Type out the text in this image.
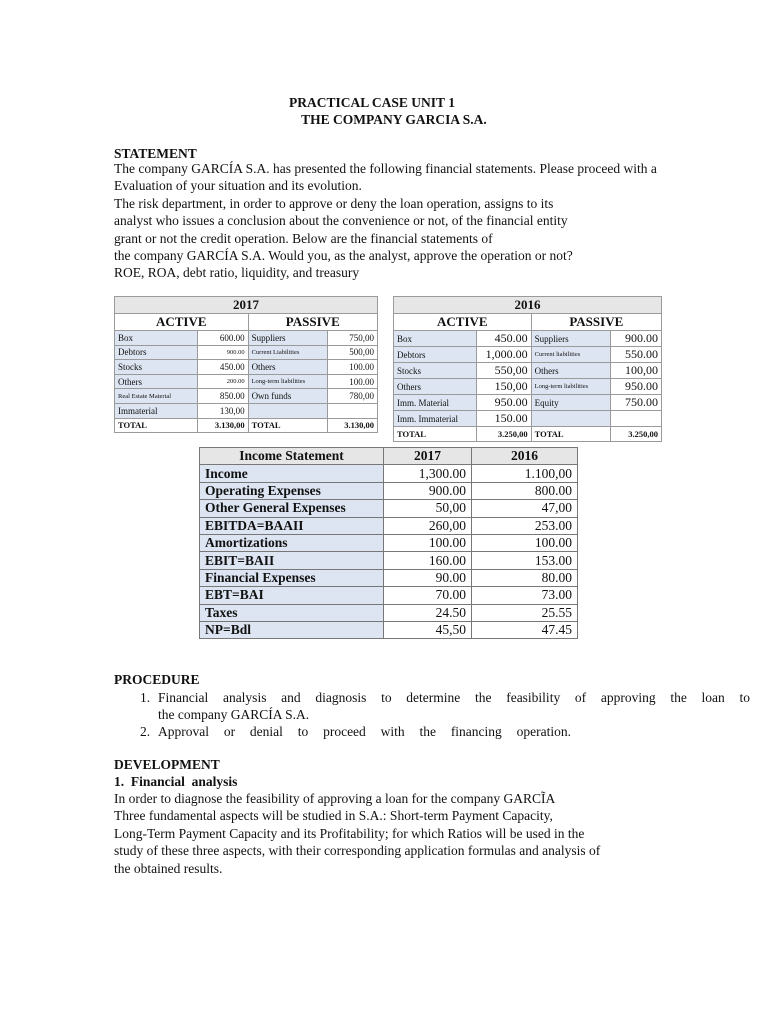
PRACTICAL CASE UNIT 1
THE COMPANY GARCIA S.A.
STATEMENT
The company GARCÍA S.A. has presented the following financial statements. Please proceed with a
Evaluation of your situation and its evolution.
The risk department, in order to approve or deny the loan operation, assigns to its
analyst who issues a conclusion about the convenience or not, of the financial entity
grant or not the credit operation. Below are the financial statements of
the company GARCÍA S.A. Would you, as the analyst, approve the operation or not?
ROE, ROA, debt ratio, liquidity, and treasury
2017			
ACTIVE		PASSIVE	
Box	600.00	Suppliers	750,00
Debtors	900.00	Current Liabilities	500,00
Stocks	450.00	Others	100.00
Others	200.00	Long-term liabilities	100.00
Real Estate Material	850.00	Own funds	780,00
Immaterial	130,00		
TOTAL	3.130,00	TOTAL	3.130,00
2016			
ACTIVE		PASSIVE	
Box	450.00	Suppliers	900.00
Debtors	1,000.00	Current liabilities	550.00
Stocks	550,00	Others	100,00
Others	150,00	Long-term liabilities	950.00
Imm. Material	950.00	Equity	750.00
Imm. Immaterial	150.00		
TOTAL	3.250,00	TOTAL	3.250,00
Income Statement	2017	2016
Income	1,300.00	1.100,00
Operating Expenses	900.00	800.00
Other General Expenses	50,00	47,00
EBITDA=BAAII	260,00	253.00
Amortizations	100.00	100.00
EBIT=BAII	160.00	153.00
Financial Expenses	90.00	80.00
EBT=BAI	70.00	73.00
Taxes	24.50	25.55
NP=Bdl	45,50	47.45
PROCEDURE
1. Financial analysis and diagnosis to determine the feasibility of approving the loan to
the company GARCÍA S.A.
2. Approval or denial to proceed with the financing operation.
DEVELOPMENT
1.  Financial  analysis
In order to diagnose the feasibility of approving a loan for the company GARCĨA
Three fundamental aspects will be studied in S.A.: Short-term Payment Capacity,
Long-Term Payment Capacity and its Profitability; for which Ratios will be used in the
study of these three aspects, with their corresponding application formulas and analysis of
the obtained results.
